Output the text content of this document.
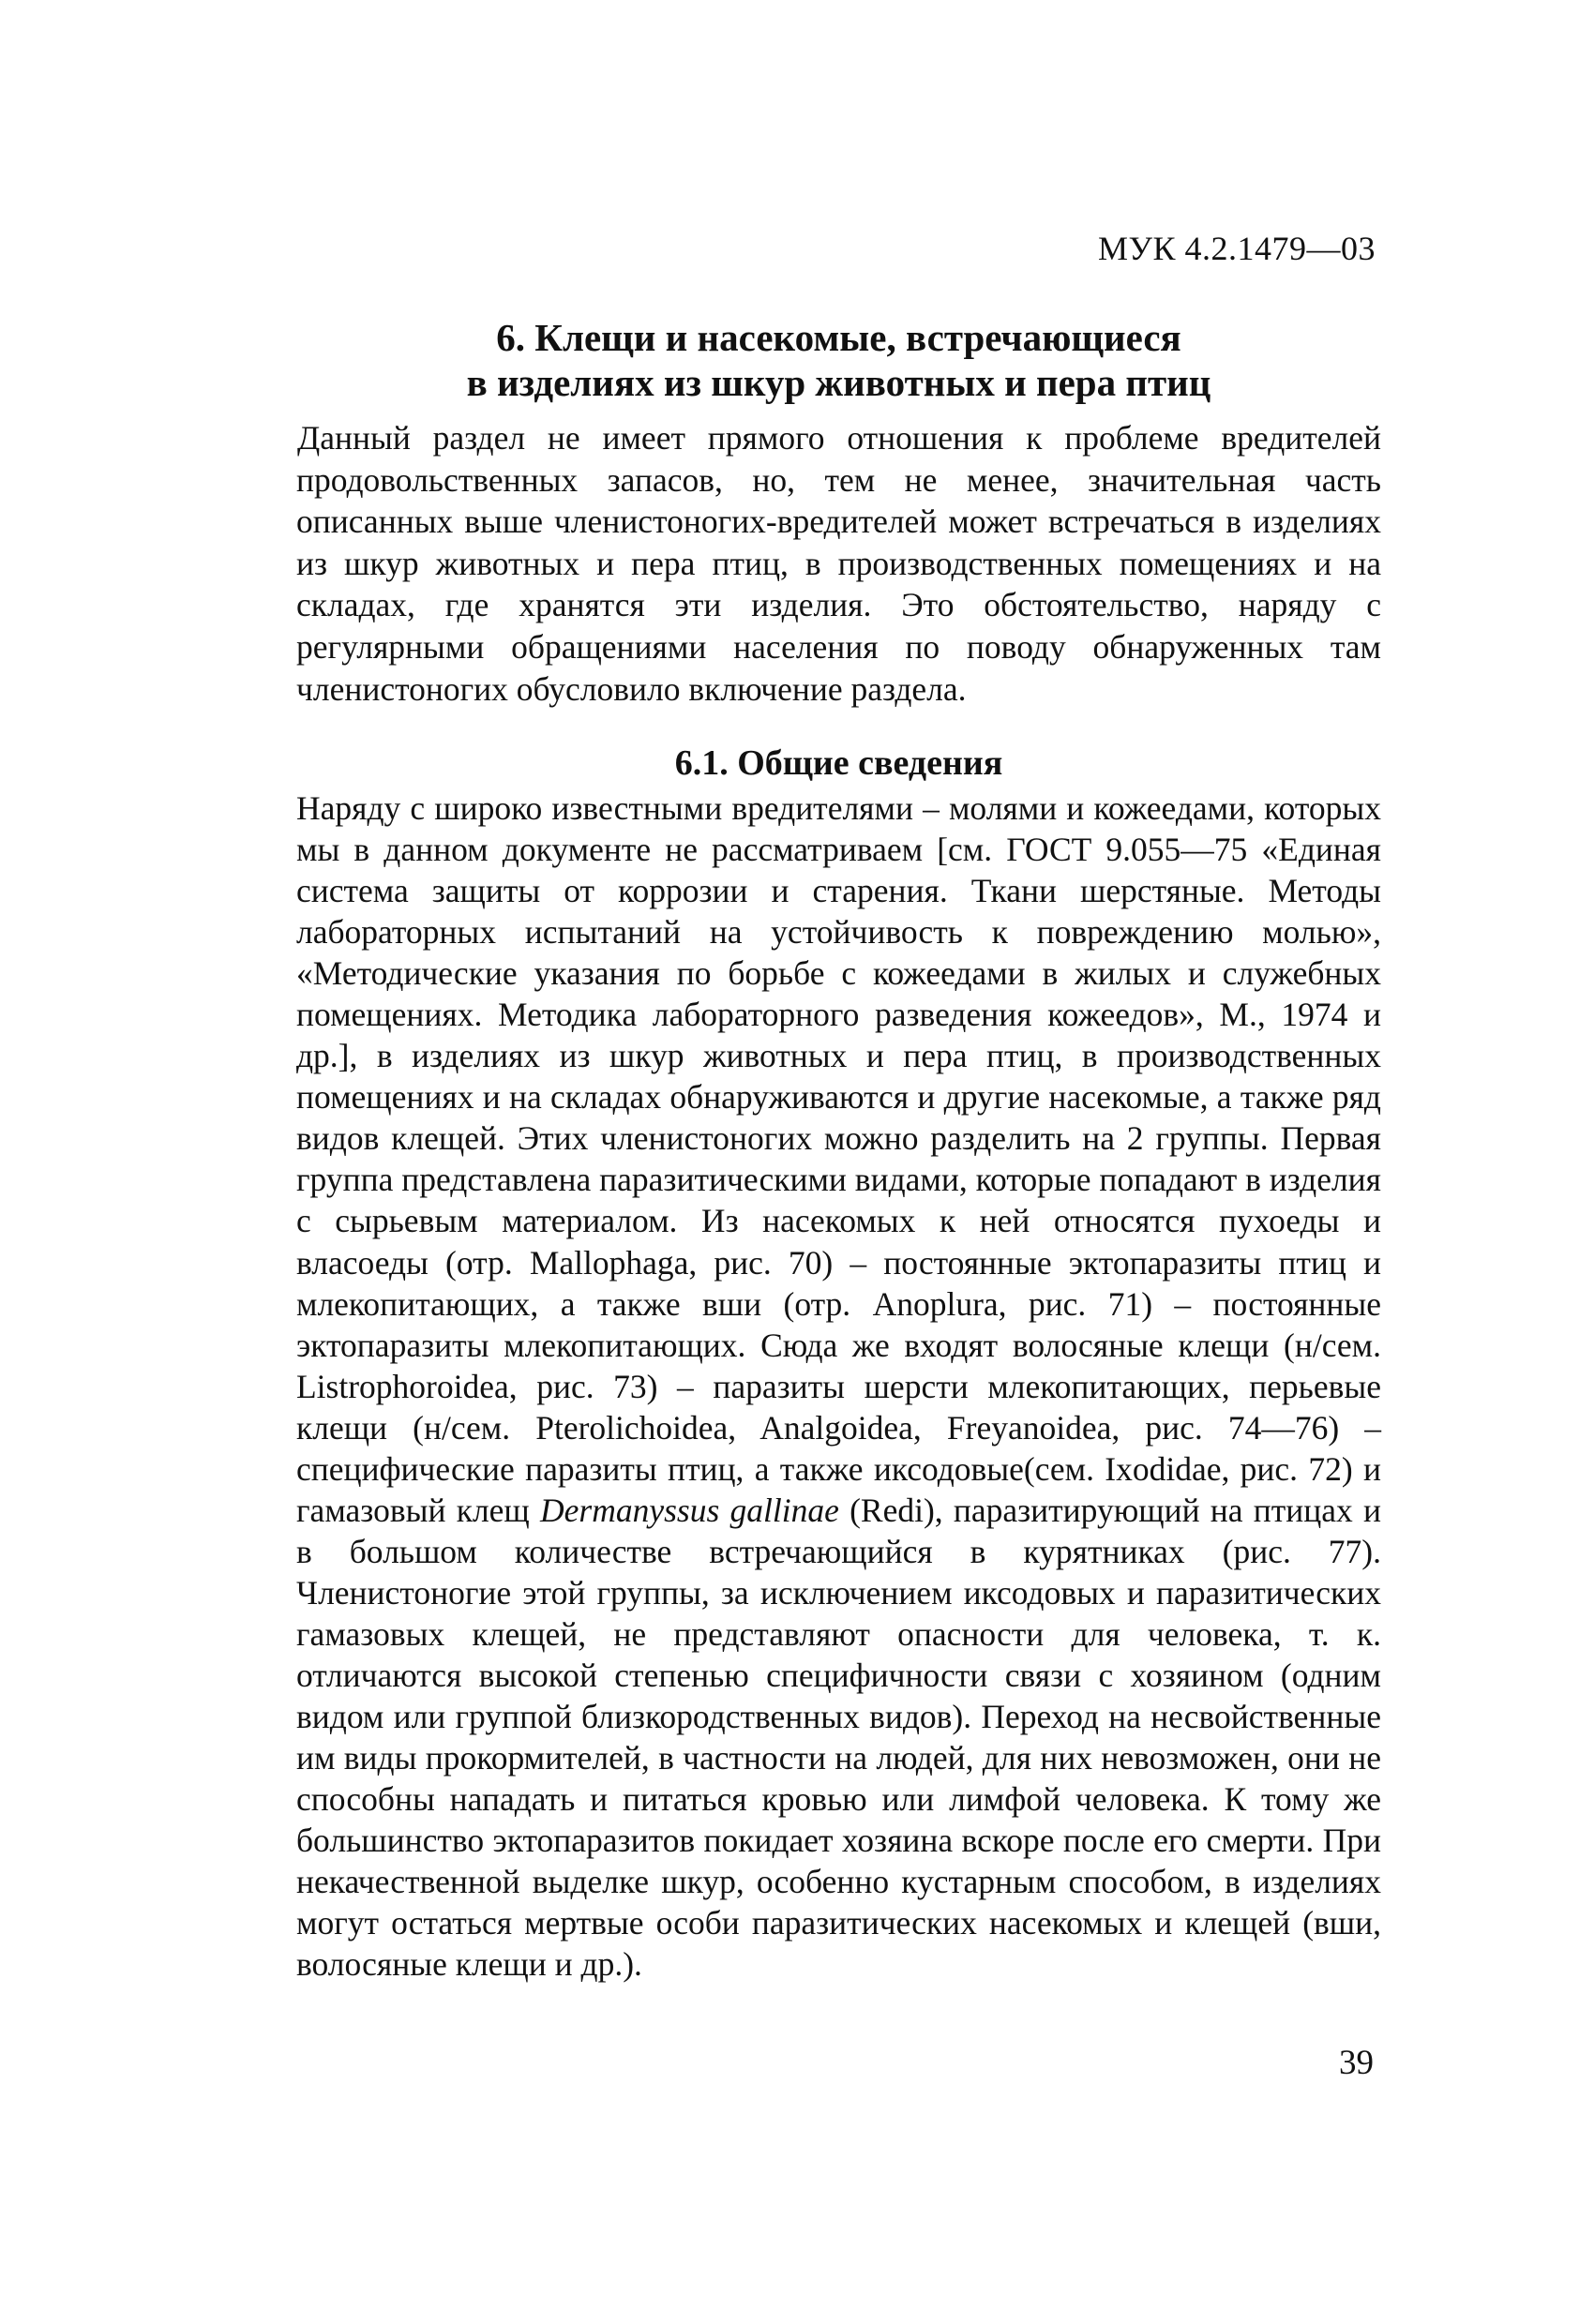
МУК 4.2.1479—03

6. Клещи и насекомые, встречающиеся

в изделиях из шкур животных и пера птиц

Данный раздел не имеет прямого отношения к проблеме вредителей продовольственных запасов, но, тем не менее, значительная часть описанных выше членистоногих-вредителей может встречаться в изделиях из шкур животных и пера птиц, в производственных помещениях и на складах, где хранятся эти изделия. Это обстоятельство, наряду с регулярными обращениями населения по поводу обнаруженных там членистоногих обусловило включение раздела.

6.1. Общие сведения

Наряду с широко известными вредителями – молями и кожеедами, которых мы в данном документе не рассматриваем [см. ГОСТ 9.055—75 «Единая система защиты от коррозии и старения. Ткани шерстяные. Методы лабораторных испытаний на устойчивость к повреждению молью», «Методические указания по борьбе с кожеедами в жилых и служебных помещениях. Методика лабораторного разведения кожеедов», М., 1974 и др.], в изделиях из шкур животных и пера птиц, в производственных помещениях и на складах обнаруживаются и другие насекомые, а также ряд видов клещей. Этих членистоногих можно разделить на 2 группы. Первая группа представлена паразитическими видами, которые попадают в изделия с сырьевым материалом. Из насекомых к ней относятся пухоеды и власоеды (отр. Mallophaga, рис. 70) – постоянные эктопаразиты птиц и млекопитающих, а также вши (отр. Anoplura, рис. 71) – постоянные эктопаразиты млекопитающих. Сюда же входят волосяные клещи (н/сем. Listrophoroidea, рис. 73) – паразиты шерсти млекопитающих, перьевые клещи (н/сем. Pterolichoidea, Analgoidea, Freyanoidea, рис. 74—76) – специфические паразиты птиц, а также иксодовые(сем. Ixodidae, рис. 72) и гамазовый клещ Dermanyssus gallinae (Redi), паразитирующий на птицах и в большом количестве встречающийся в курятниках (рис. 77). Членистоногие этой группы, за исключением иксодовых и паразитических гамазовых клещей, не представляют опасности для человека, т. к. отличаются высокой степенью специфичности связи с хозяином (одним видом или группой близкородственных видов). Переход на несвойственные им виды прокормителей, в частности на людей, для них невозможен, они не способны нападать и питаться кровью или лимфой человека. К тому же большинство эктопаразитов покидает хозяина вскоре после его смерти. При некачественной выделке шкур, особенно кустарным способом, в изделиях могут остаться мертвые особи паразитических насекомых и клещей (вши, волосяные клещи и др.).

39
